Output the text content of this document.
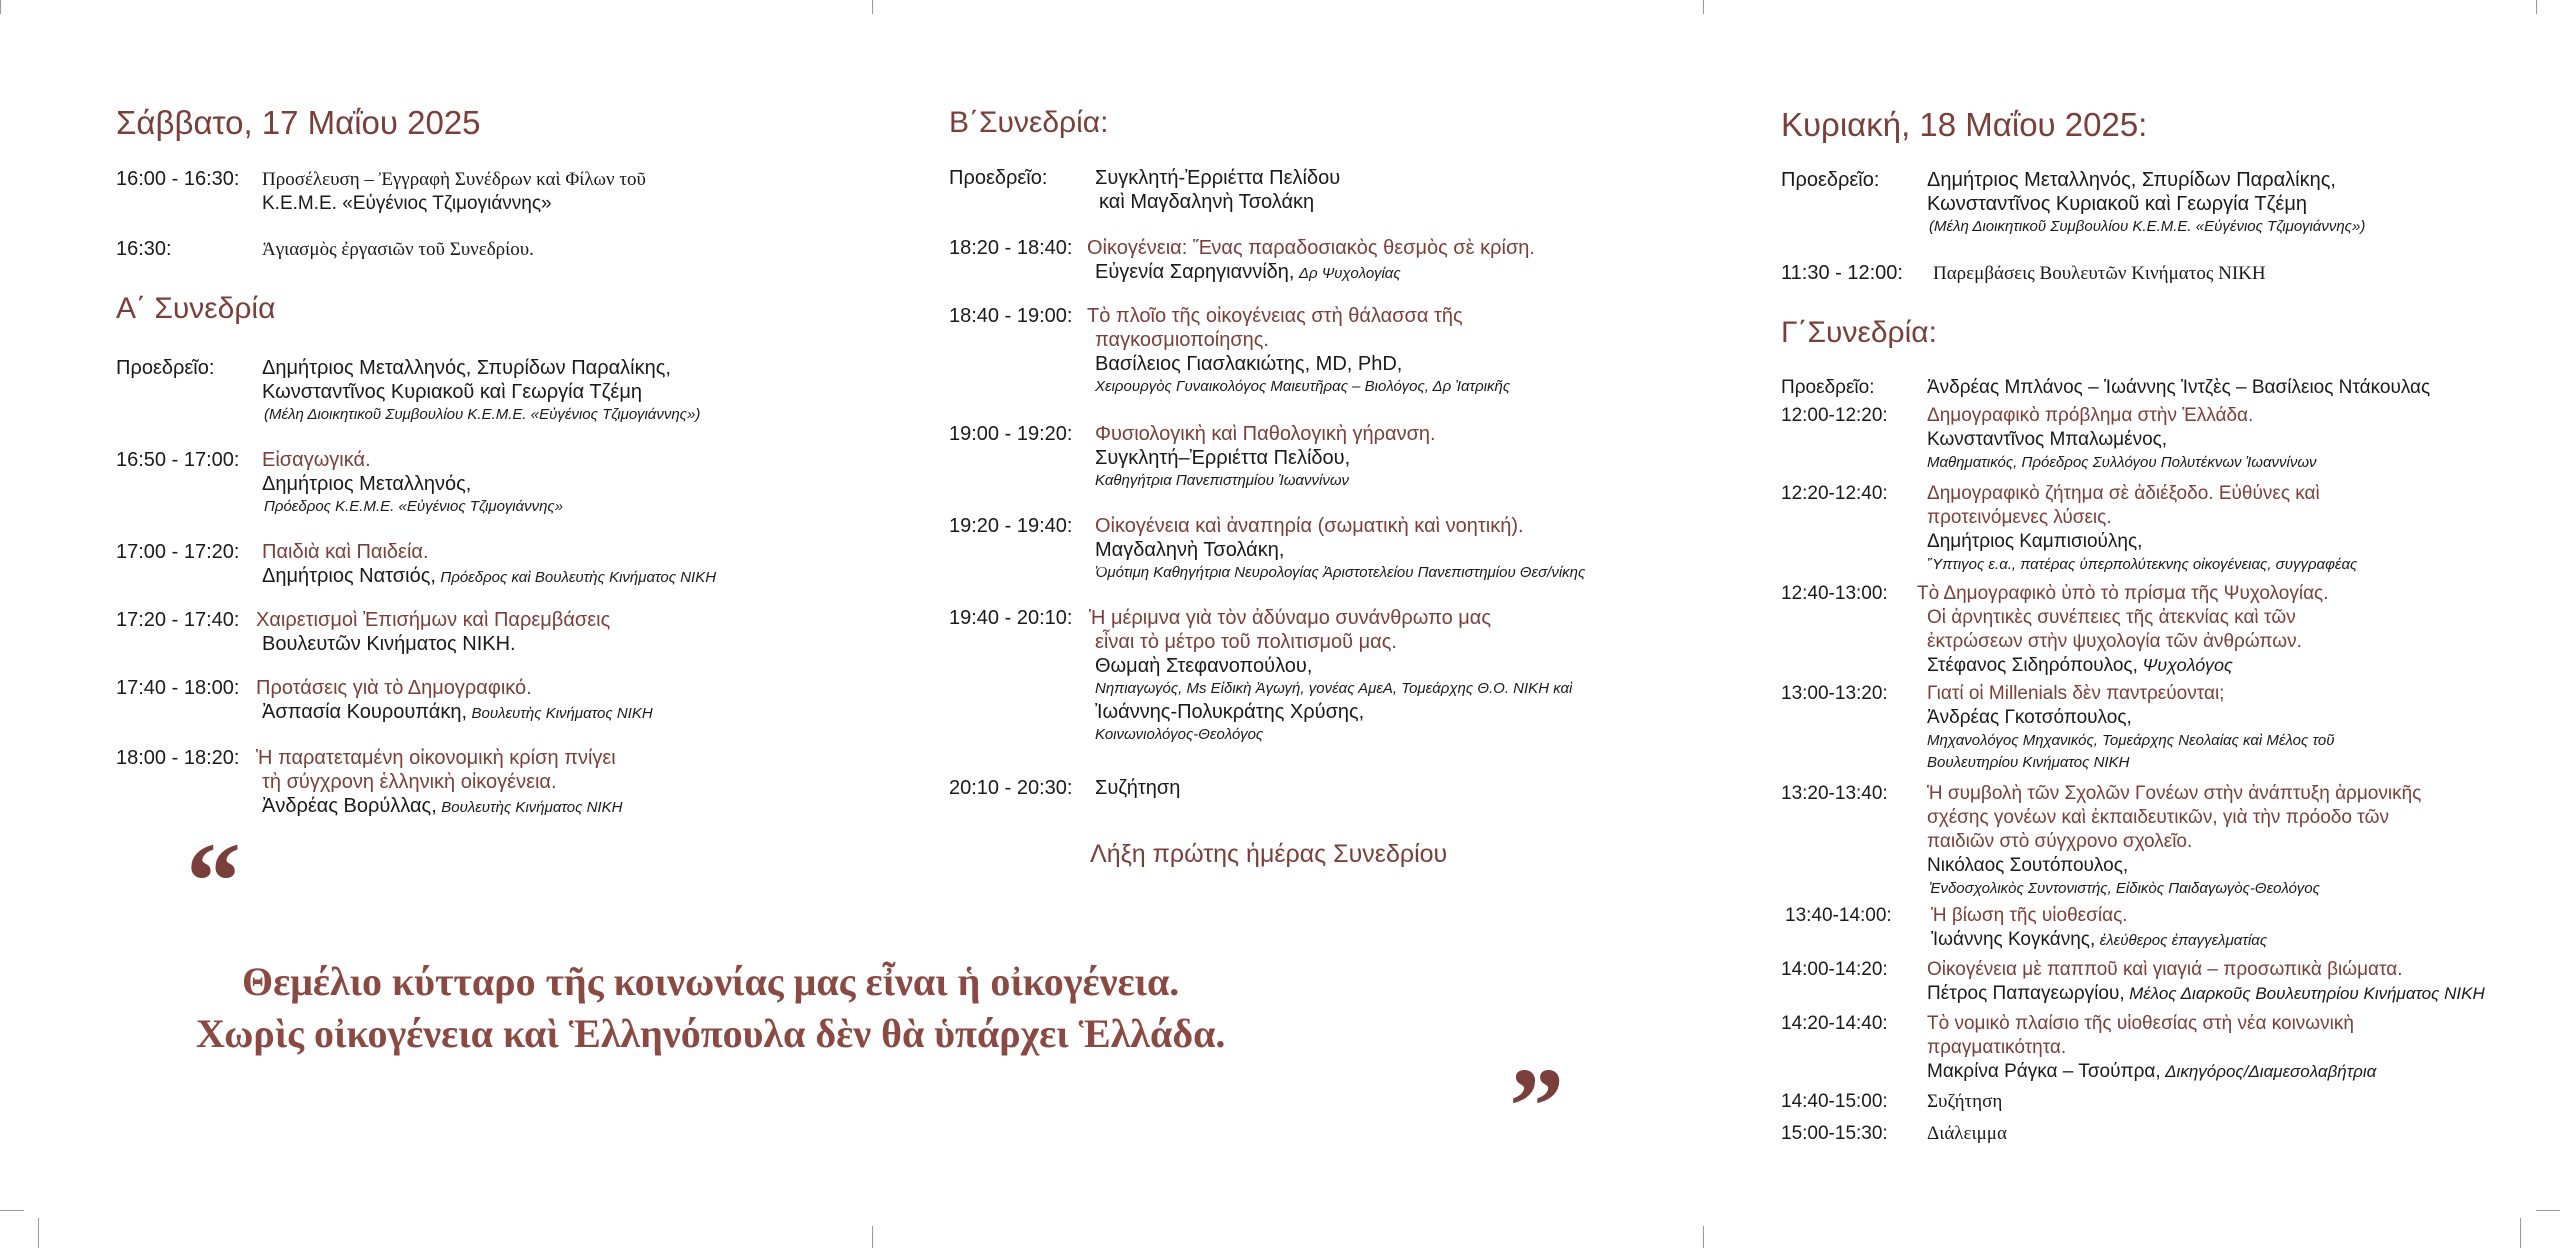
Σάββατο, 17 Μαΐου 2025
16:00 - 16:30:	Προσέλευση – Ἐγγραφὴ Συνέδρων καὶ Φίλων τοῦ
Κ.Ε.Μ.Ε. «Εὐγένιος Τζιμογιάννης»
16:30:	Ἁγιασμὸς ἐργασιῶν τοῦ Συνεδρίου.
Α΄ Συνεδρία
Προεδρεῖο:	Δημήτριος Μεταλληνός, Σπυρίδων Παραλίκης,
Κωνσταντῖνος Κυριακοῦ καὶ Γεωργία Τζέμη
(Μέλη Διοικητικοῦ Συμβουλίου Κ.Ε.Μ.Ε. «Εὐγένιος Τζιμογιάννης»)
16:50 - 17:00:	Εἰσαγωγικά.
Δημήτριος Μεταλληνός,
Πρόεδρος Κ.Ε.Μ.Ε. «Εὐγένιος Τζιμογιάννης»
17:00 - 17:20:	Παιδιὰ καὶ Παιδεία.
Δημήτριος Νατσιός,
Πρόεδρος καὶ Βουλευτὴς Κινήματος ΝΙΚΗ
17:20 - 17:40: Χαιρετισμοὶ Ἐπισήμων καὶ Παρεμβάσεις
Βουλευτῶν Κινήματος ΝΙΚΗ.
17:40 - 18:00: Προτάσεις γιὰ τὸ Δημογραφικό.
Ἀσπασία Κουρουπάκη,
Βουλευτὴς Κινήματος ΝΙΚΗ
18:00 - 18:20: Ἡ παρατεταμένη οἰκονομικὴ κρίση πνίγει
τὴ σύγχρονη ἑλληνικὴ οἰκογένεια.
Ἀνδρέας Βορύλλας,
Βουλευτὴς Κινήματος ΝΙΚΗ
“
Θεμέλιο κύτταρο τῆς κοινωνίας μας εἶναι ἡ οἰκογένεια.
Χωρὶς οἰκογένεια καὶ Ἑλληνόπουλα δὲν θὰ ὑπάρχει Ἑλλάδα.	„
Β΄Συνεδρία:
Προεδρεῖο:	Συγκλητή-Ἐρριέττα Πελίδου
καὶ Μαγδαληνὴ Τσολάκη
18:20 - 18:40: Οἰκογένεια: Ἕνας παραδοσιακὸς θεσμὸς σὲ κρίση.
Εὐγενία Σαρηγιαννίδη,
Δρ Ψυχολογίας
18:40 - 19:00: Τὸ πλοῖο τῆς οἰκογένειας στὴ θάλασσα τῆς
παγκοσμιοποίησης.
Βασίλειος Γιασλακιώτης, MD, PhD,
Χειρουργὸς Γυναικολόγος Μαιευτῆρας – Βιολόγος, Δρ Ἰατρικῆς
19:00 - 19:20:	Φυσιολογικὴ καὶ Παθολογικὴ γήρανση.
Συγκλητή–Ἐρριέττα Πελίδου,
Καθηγήτρια Πανεπιστημίου Ἰωαννίνων
19:20 - 19:40:	Οἰκογένεια καὶ ἀναπηρία (σωματικὴ καὶ νοητική).
Μαγδαληνὴ Τσολάκη,
Ὁμότιμη Καθηγήτρια Νευρολογίας Ἀριστοτελείου Πανεπιστημίου Θεσ/νίκης
19:40 - 20:10: Ἡ μέριμνα γιὰ τὸν ἀδύναμο συνάνθρωπο μας
εἶναι τὸ μέτρο τοῦ πολιτισμοῦ μας.
Θωμαὴ Στεφανοπούλου,
Νηπιαγωγός, Ms Εἰδικὴ Ἀγωγή, γονέας ΑμεΑ, Τομεάρχης Θ.Ο. ΝΙΚΗ καὶ
Ἰωάννης-Πολυκράτης Χρύσης,
Κοινωνιολόγος-Θεολόγος
20:10 - 20:30:	Συζήτηση
Λήξη πρώτης ἡμέρας Συνεδρίου
Κυριακή, 18 Μαΐου 2025:
Προεδρεῖο:	Δημήτριος Μεταλληνός, Σπυρίδων Παραλίκης,
Κωνσταντῖνος Κυριακοῦ καὶ Γεωργία Τζέμη
(Μέλη Διοικητικοῦ Συμβουλίου Κ.Ε.Μ.Ε. «Εὐγένιος Τζιμογιάννης»)
11:30 - 12:00:	Παρεμβάσεις Βουλευτῶν Κινήματος ΝΙΚΗ
Γ΄Συνεδρία:
Προεδρεῖο:	Ἀνδρέας Μπλάνος – Ἰωάννης Ἰντζὲς – Βασίλειος Ντάκουλας
12:00-12:20:	Δημογραφικὸ πρόβλημα στὴν Ἑλλάδα.
Κωνσταντῖνος Μπαλωμένος,
Μαθηματικός, Πρόεδρος Συλλόγου Πολυτέκνων Ἰωαννίνων
12:20-12:40:	Δημογραφικὸ ζήτημα σὲ ἀδιέξοδο. Εὐθύνες καὶ
προτεινόμενες λύσεις.
Δημήτριος Καμπισιούλης,
Ὕπτιγος ε.α., πατέρας ὑπερπολύτεκνης οἰκογένειας, συγγραφέας
12:40-13:00:	Τὸ Δημογραφικὸ ὑπὸ τὸ πρίσμα τῆς Ψυχολογίας.
Οἱ ἀρνητικὲς συνέπειες τῆς ἀτεκνίας καὶ τῶν
ἐκτρώσεων στὴν ψυχολογία τῶν ἀνθρώπων.
Στέφανος Σιδηρόπουλος,
Ψυχολόγος
13:00-13:20:	Γιατί οἱ Millenials δὲν παντρεύονται;
Ἀνδρέας Γκοτσόπουλος,
Μηχανολόγος Μηχανικός, Τομεάρχης Νεολαίας καὶ Μέλος τοῦ
Βουλευτηρίου Κινήματος ΝΙΚΗ
13:20-13:40:	Ἡ συμβολὴ τῶν Σχολῶν Γονέων στὴν ἀνάπτυξη ἁρμονικῆς
σχέσης γονέων καὶ ἐκπαιδευτικῶν, γιὰ τὴν πρόοδο τῶν
παιδιῶν στὸ σύγχρονο σχολεῖο.
Νικόλαος Σουτόπουλος,
Ἐνδοσχολικὸς Συντονιστής, Εἰδικὸς Παιδαγωγὸς-Θεολόγος
13:40-14:00:	Ἡ βίωση τῆς υἱοθεσίας.
Ἰωάννης Κογκάνης,
ἐλεύθερος ἐπαγγελματίας
14:00-14:20:	Οἰκογένεια μὲ παπποῦ καὶ γιαγιά – προσωπικὰ βιώματα.
Πέτρος Παπαγεωργίου,
Μέλος Διαρκοῦς Βουλευτηρίου Κινήματος ΝΙΚΗ
14:20-14:40:	Τὸ νομικὸ πλαίσιο τῆς υἱοθεσίας στὴ νέα κοινωνικὴ
πραγματικότητα.
Μακρίνα Ράγκα – Τσούπρα,
Δικηγόρος/Διαμεσολαβήτρια
14:40-15:00:	Συζήτηση
15:00-15:30:	Διάλειμμα
